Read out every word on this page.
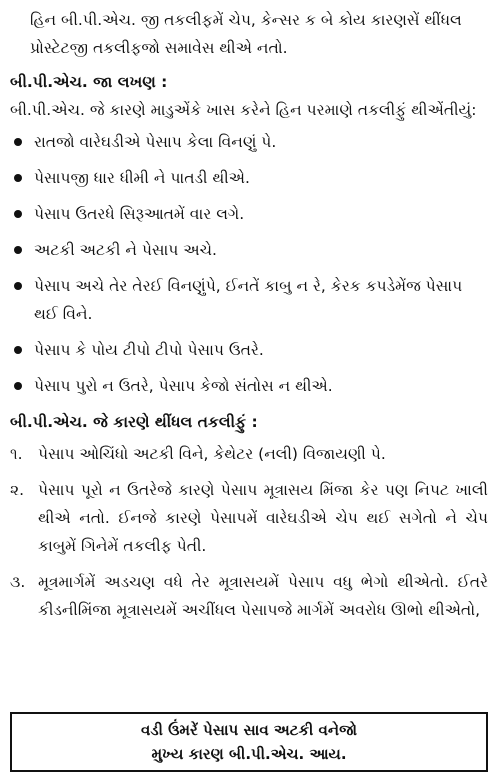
હિન બી.પી.એચ. જી તકલીફમેં ચેપ, કેન્સર ક બે કોય કારણસેં થીંધલ પ્રોસ્ટેટજી તકલીફજો સમાવેસ થીએ નતો.

બી.પી.એચ. જા લખણ :

બી.પી.એચ. જે કારણે માડુએંકે ખાસ કરેને હિન પરમાણે તકલીફું થીએંતીયું:

રાતજો વારેઘડીએ પેસાપ કેલા વિનણું પે.
પેસાપજી ધાર ધીમી ને પાતડી થીએ.
પેસાપ ઉતરધે સિરૂઆતમેં વાર લગે.
અટકી અટકી ને પેસાપ અચે.
પેસાપ અચે તેર તેરઈ વિનણુંપે, ઈનતેં કાબુ ન રે, કેરક કપડેમેંજ પેસાપ થઈ વિને.
પેસાપ કે પોય ટીપો ટીપો પેસાપ ઉતરે.
પેસાપ પુરો ન ઉતરે, પેસાપ કેજો સંતોસ ન થીએ.
બી.પી.એચ. જે કારણે થીંધલ તકલીફું :
૧. પેસાપ ઓચિંધો અટકી વિને, કેથેટર (નલી) વિજાયણી પે.
૨. પેસાપ પૂરો ન ઉતરેજે કારણે પેસાપ મૂત્રાસય મિંજા કેર પણ નિપટ ખાલી થીએ નતો. ઈનજે કારણે પેસાપમેં વારેઘડીએ ચેપ થઈ સગેતો ને ચેપ કાબુમેં ગિનેમેં તકલીફ પેતી.
૩. મૂત્રમાર્ગમેં અડચણ વધે તેર મૂત્રાસયમેં પેસાપ વધુ ભેગો થીએતો. ઈતરે કીડનીમિંજા મૂત્રાસયમેં અચીંધલ પેસાપજે માર્ગમેં અવરોધ ઊભો થીએતો,
વડી ઉંમરેં પેસાપ સાવ અટકી વનેજો
મુખ્ય કારણ બી.પી.એચ. આય.
